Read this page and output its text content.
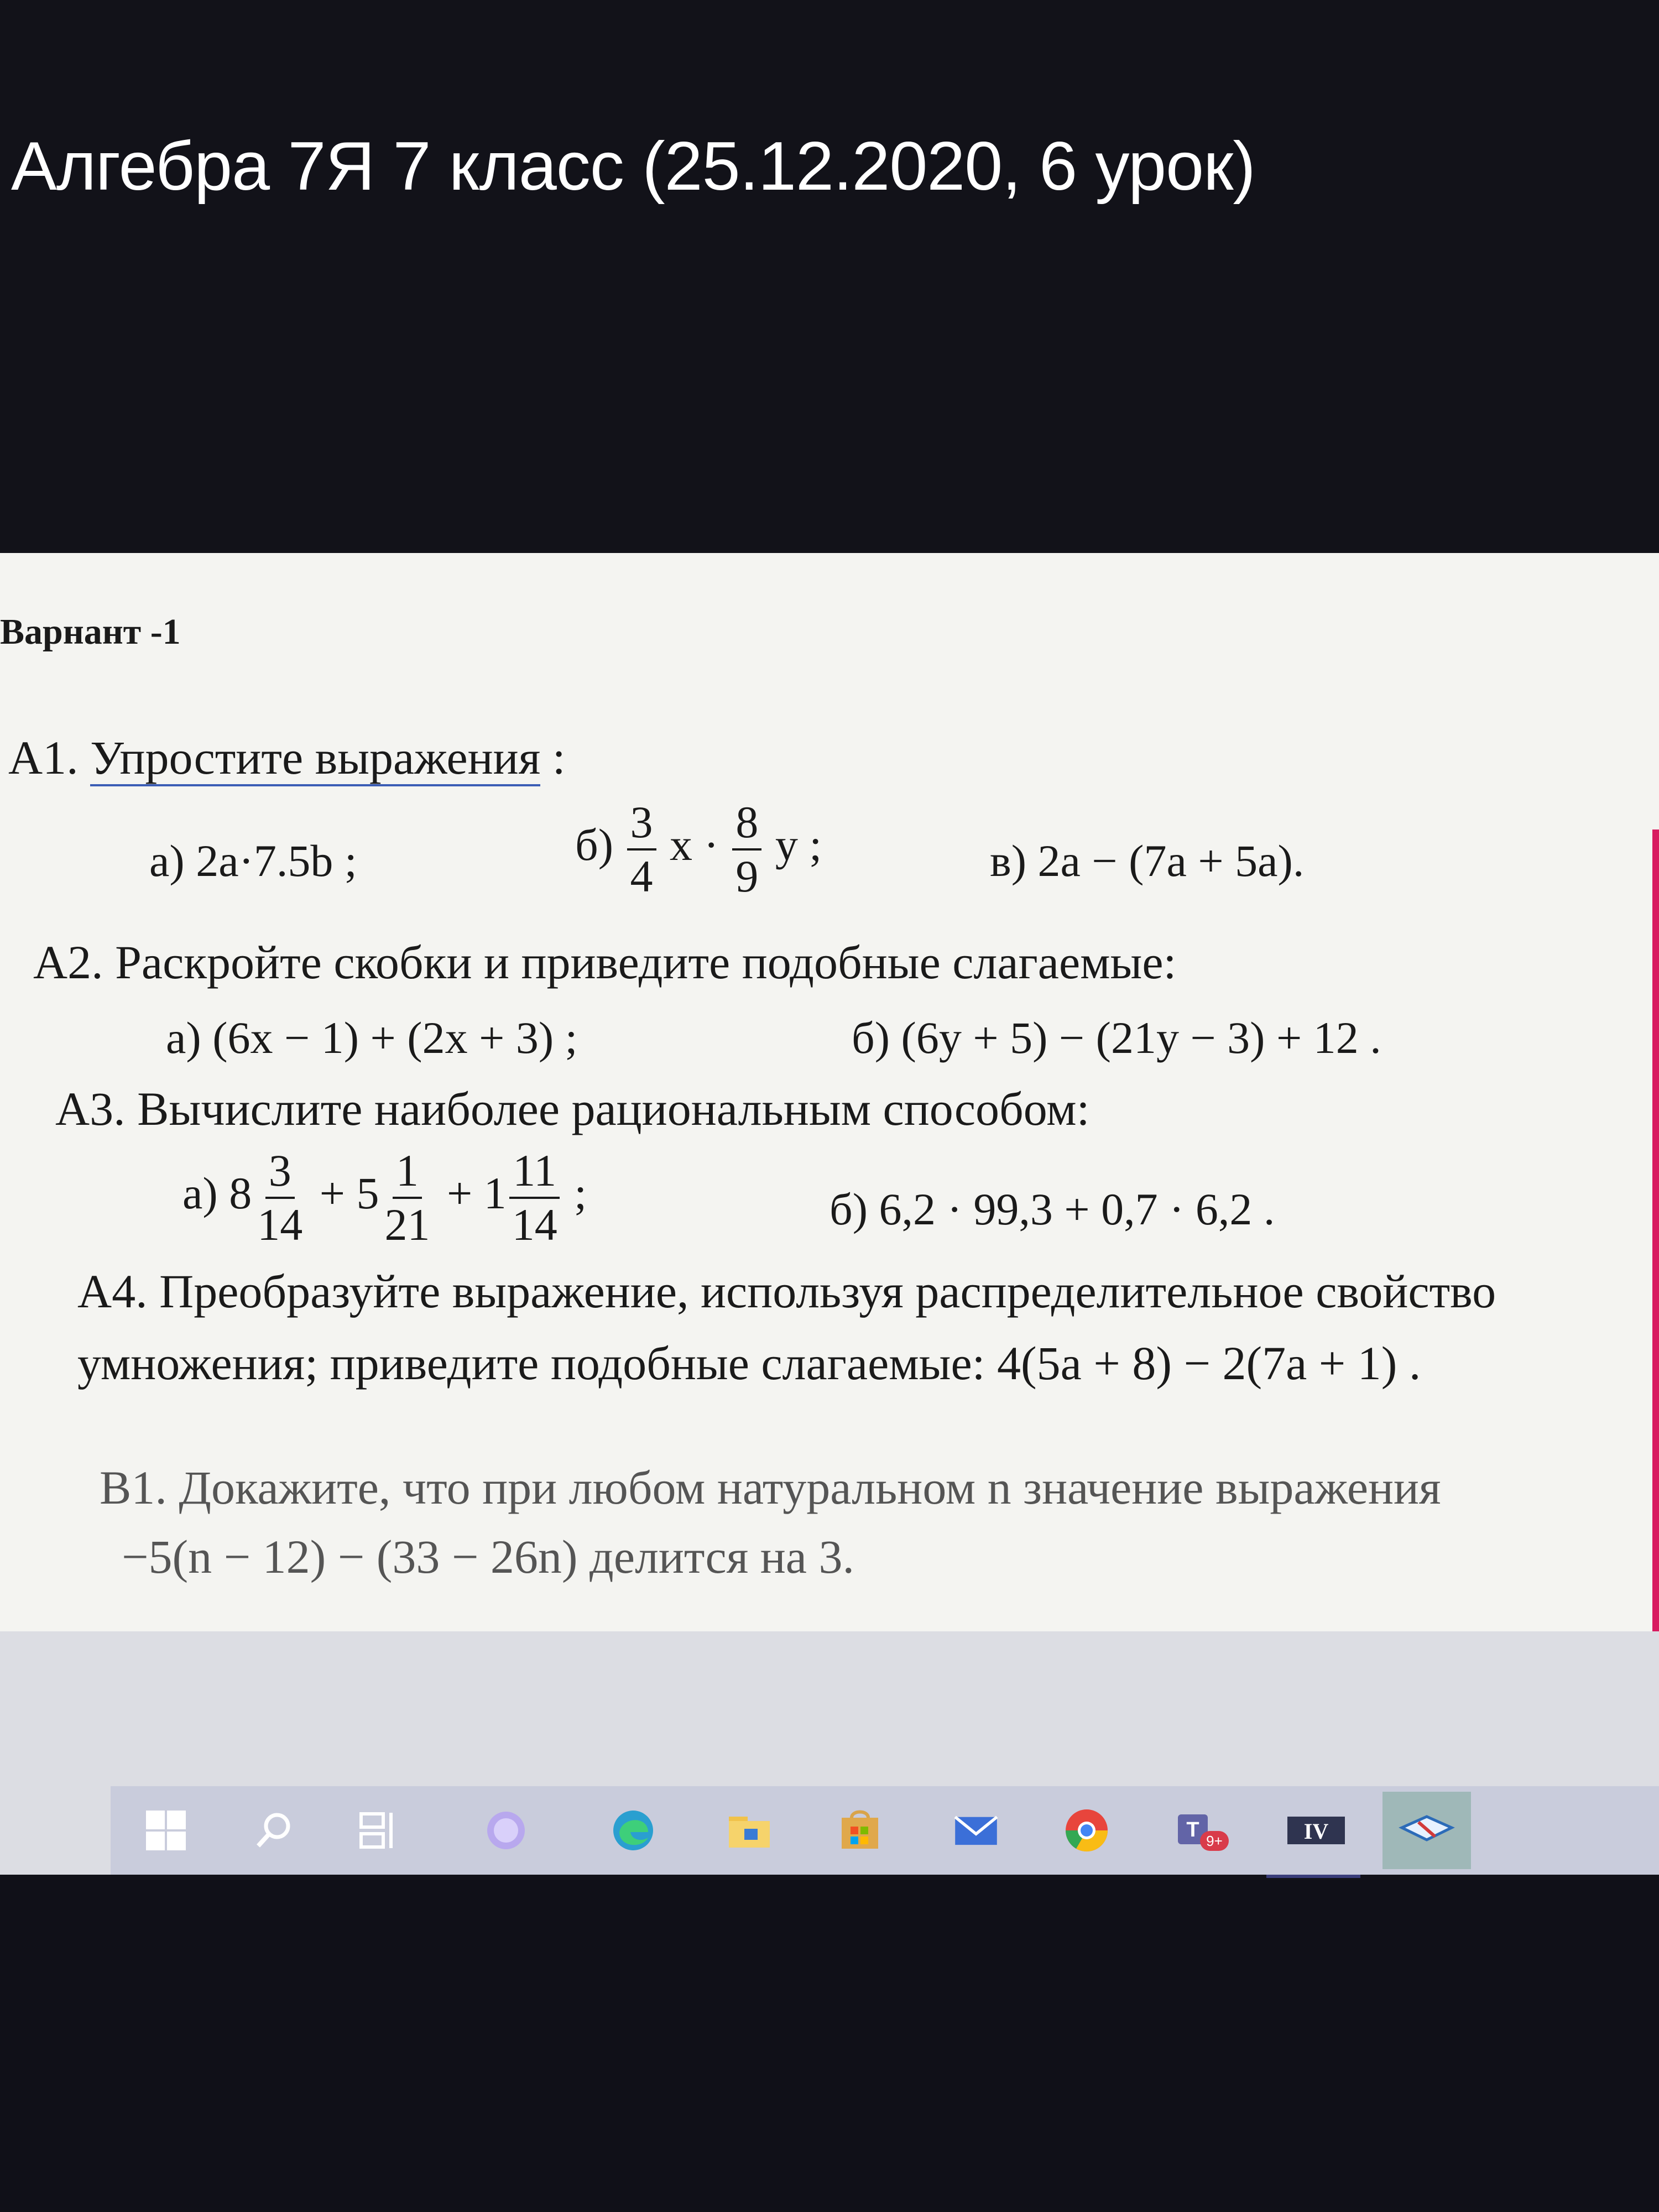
Алгебра 7Я 7 класс (25.12.2020, 6 урок)
Варнант -1
A1. Упростите выражения :
а) 2a·7.5b ;	$б) \frac{3}{4}$ $x \cdot \frac{8}{9}$ y ;	в) 2a − (7a + 5a).
А2. Раскройте скобки и приведите подобные слагаемые:
а) (6x − 1) + (2x + 3) ;	б) (6y + 5) − (21y − 3) + 12 .
А3. Вычислите наиболее рациональным способом:
а) $8 \frac{3}{14} + 5 \frac{1}{21} + 1 \frac{11}{14}$ ;	б) 6,2 · 99,3 + 0,7 · 6,2 .
А4. Преобразуйте выражение, используя распределительное свойство
умножения; приведите подобные слагаемые: 4(5a + 8) − 2(7a + 1) .
В1. Докажите, что при любом натуральном n значение выражения
−5(n − 12) − (33 − 26n) делится на 3.
T 9+	IV
